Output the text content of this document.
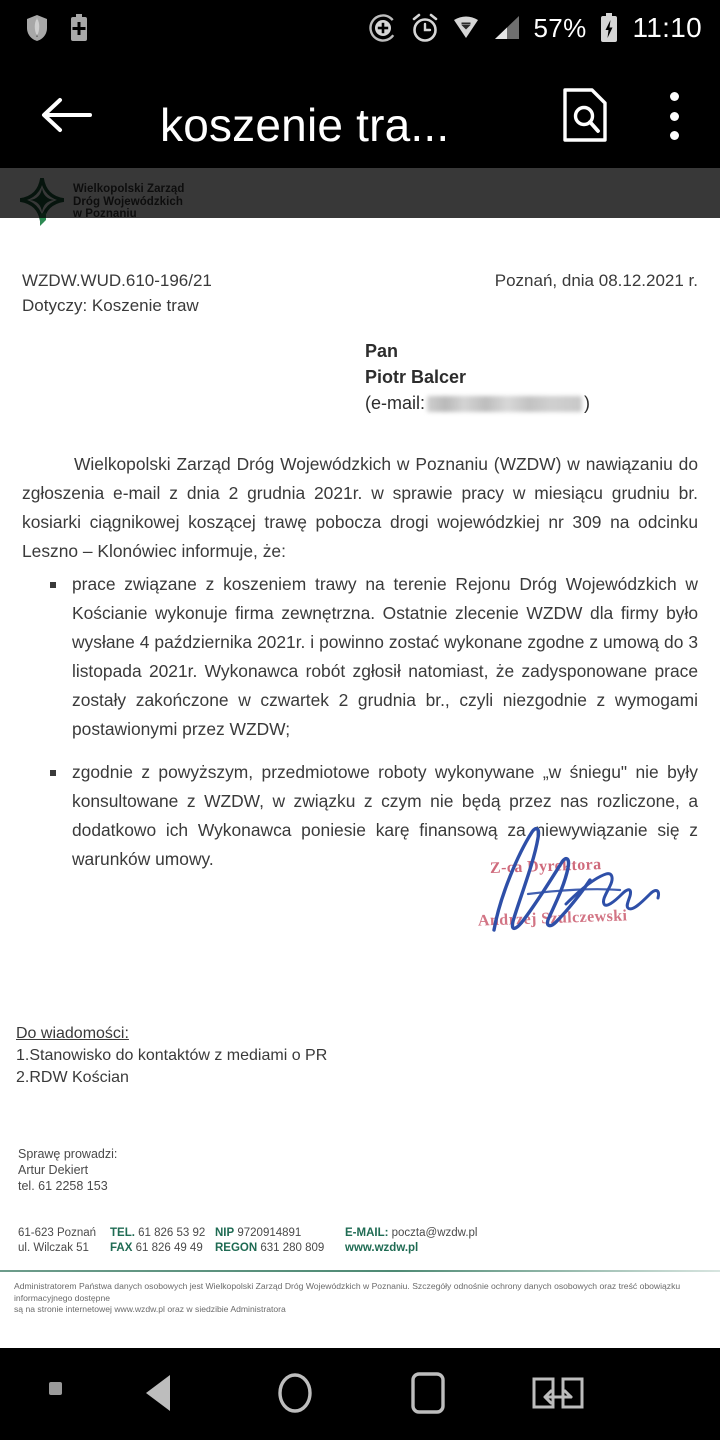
57% 11:10
koszenie tra...
WZDW.WUD.610-196/21
Dotyczy: Koszenie traw
Poznań, dnia 08.12.2021 r.
Pan
Piotr Balcer
(e-mail:	)

Wielkopolski Zarząd Dróg Wojewódzkich w Poznaniu (WZDW) w nawiązaniu do zgłoszenia e-mail z dnia 2 grudnia 2021r. w sprawie pracy w miesiącu grudniu br. kosiarki ciągnikowej koszącej trawę pobocza drogi wojewódzkiej nr 309 na odcinku Leszno – Klonówiec informuje, że:

prace związane z koszeniem trawy na terenie Rejonu Dróg Wojewódzkich w Kościanie wykonuje firma zewnętrzna. Ostatnie zlecenie WZDW dla firmy było wysłane 4 października 2021r. i powinno zostać wykonane zgodne z umową do 3 listopada 2021r. Wykonawca robót zgłosił natomiast, że zadysponowane prace zostały zakończone w czwartek 2 grudnia br., czyli niezgodnie z wymogami postawionymi przez WZDW;
zgodnie z powyższym, przedmiotowe roboty wykonywane „w śniegu" nie były konsultowane z WZDW, w związku z czym nie będą przez nas rozliczone, a dodatkowo ich Wykonawca poniesie karę finansową za niewywiązanie się z warunków umowy.	Z-ca Dyrektora
Andrzej Szulczewski
Do wiadomości:
1.Stanowisko do kontaktów z mediami o PR
2.RDW Kościan
Sprawę prowadzi:
Artur Dekiert
tel. 61 2258 153
61-623 Poznań
ul. Wilczak 51
TEL. 61 826 53 92
FAX 61 826 49 49
NIP 9720914891
REGON 631 280 809
E-MAIL: poczta@wzdw.pl
www.wzdw.pl
Administratorem Państwa danych osobowych jest Wielkopolski Zarząd Dróg Wojewódzkich w Poznaniu. Szczegóły odnośnie ochrony danych osobowych oraz treść obowiązku informacyjnego dostępne
są na stronie internetowej www.wzdw.pl oraz w siedzibie Administratora
